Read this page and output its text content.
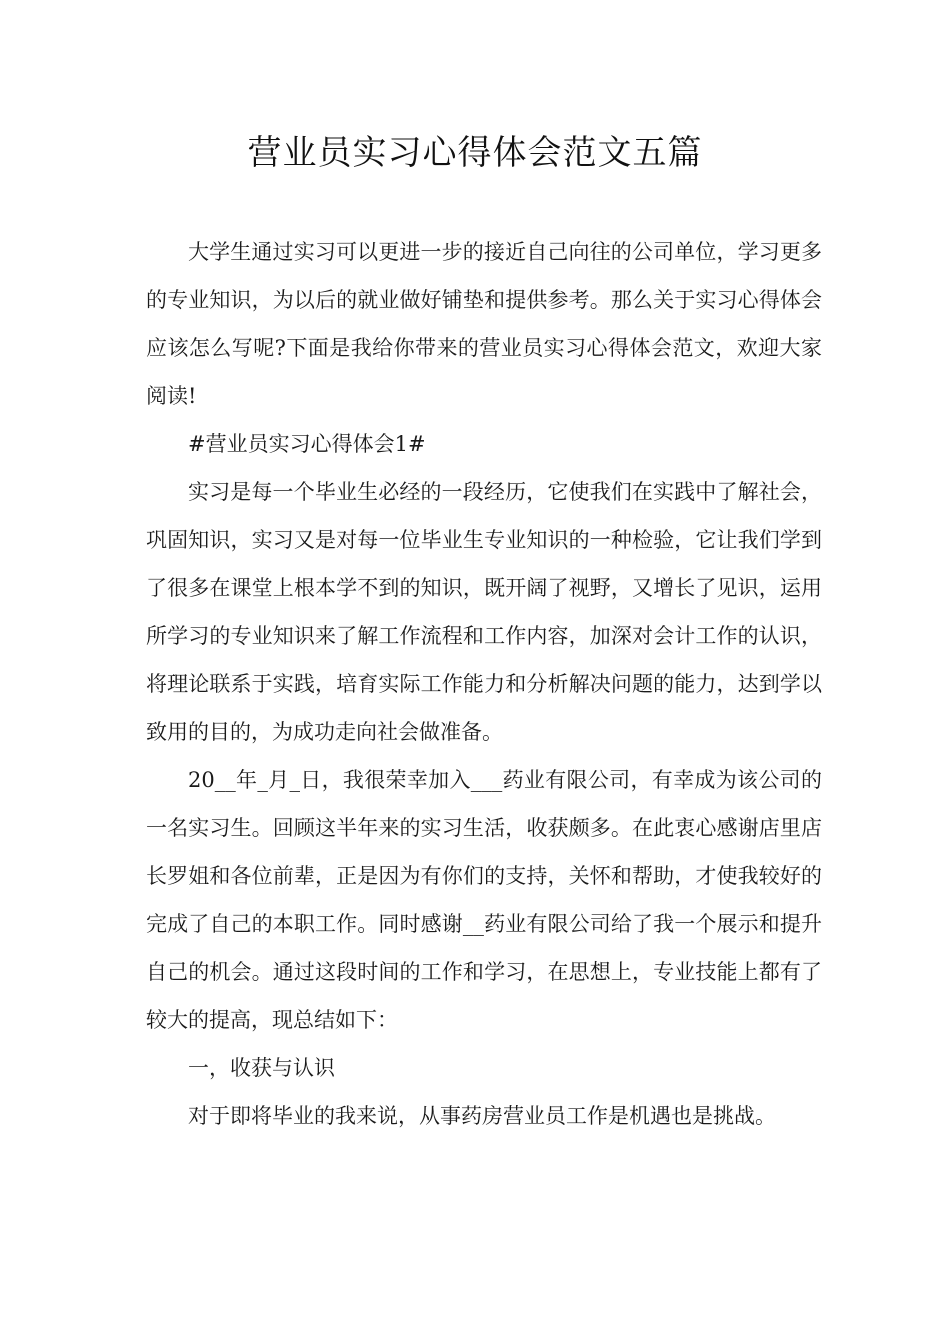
营业员实习心得体会范文五篇

大学生通过实习可以更进一步的接近自己向往的公司单位，学习更多的专业知识，为以后的就业做好铺垫和提供参考。那么关于实习心得体会应该怎么写呢?下面是我给你带来的营业员实习心得体会范文，欢迎大家阅读!

#营业员实习心得体会1#

实习是每一个毕业生必经的一段经历，它使我们在实践中了解社会，巩固知识，实习又是对每一位毕业生专业知识的一种检验，它让我们学到了很多在课堂上根本学不到的知识，既开阔了视野，又增长了见识，运用所学习的专业知识来了解工作流程和工作内容，加深对会计工作的认识，将理论联系于实践，培育实际工作能力和分析解决问题的能力，达到学以致用的目的，为成功走向社会做准备。

20__年_月_日，我很荣幸加入___药业有限公司，有幸成为该公司的一名实习生。回顾这半年来的实习生活，收获颇多。在此衷心感谢店里店长罗姐和各位前辈，正是因为有你们的支持，关怀和帮助，才使我较好的完成了自己的本职工作。同时感谢__药业有限公司给了我一个展示和提升自己的机会。通过这段时间的工作和学习，在思想上，专业技能上都有了较大的提高，现总结如下：

一，收获与认识

对于即将毕业的我来说，从事药房营业员工作是机遇也是挑战。
